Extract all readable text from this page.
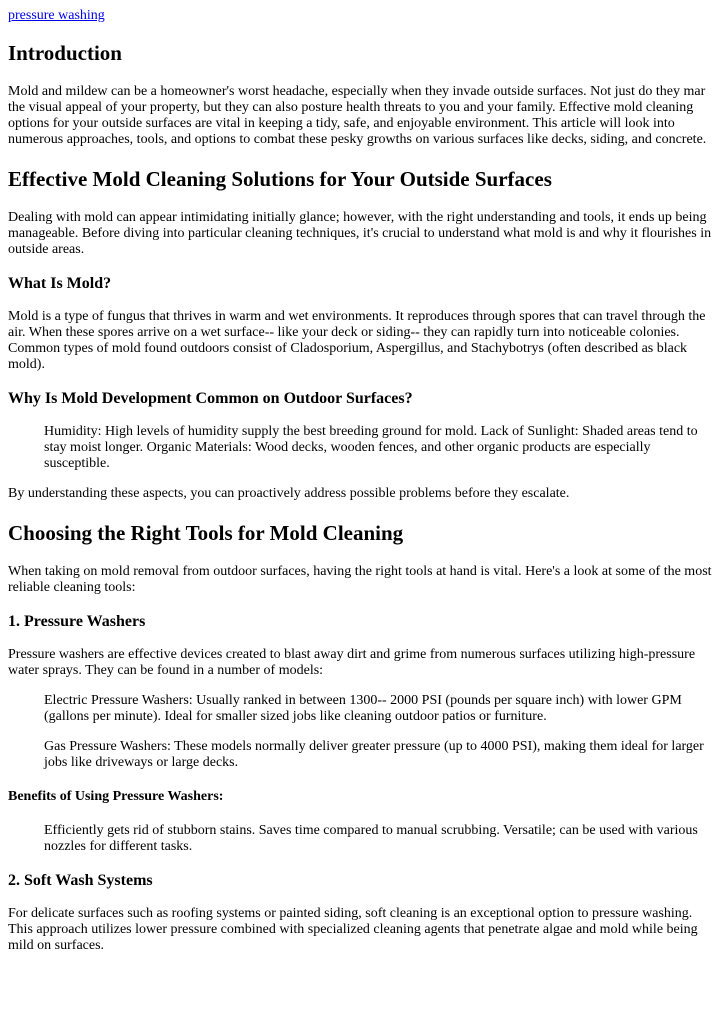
pressure washing
Introduction

Mold and mildew can be a homeowner's worst headache, especially when they invade outside surfaces. Not just do they mar the visual appeal of your property, but they can also posture health threats to you and your family. Effective mold cleaning options for your outside surfaces are vital in keeping a tidy, safe, and enjoyable environment. This article will look into numerous approaches, tools, and options to combat these pesky growths on various surfaces like decks, siding, and concrete.

Effective Mold Cleaning Solutions for Your Outside Surfaces

Dealing with mold can appear intimidating initially glance; however, with the right understanding and tools, it ends up being manageable. Before diving into particular cleaning techniques, it's crucial to understand what mold is and why it flourishes in outside areas.

What Is Mold?

Mold is a type of fungus that thrives in warm and wet environments. It reproduces through spores that can travel through the air. When these spores arrive on a wet surface-- like your deck or siding-- they can rapidly turn into noticeable colonies. Common types of mold found outdoors consist of Cladosporium, Aspergillus, and Stachybotrys (often described as black mold).

Why Is Mold Development Common on Outdoor Surfaces?

Humidity: High levels of humidity supply the best breeding ground for mold. Lack of Sunlight: Shaded areas tend to stay moist longer. Organic Materials: Wood decks, wooden fences, and other organic products are especially susceptible.

By understanding these aspects, you can proactively address possible problems before they escalate.

Choosing the Right Tools for Mold Cleaning

When taking on mold removal from outdoor surfaces, having the right tools at hand is vital. Here's a look at some of the most reliable cleaning tools:

1. Pressure Washers

Pressure washers are effective devices created to blast away dirt and grime from numerous surfaces utilizing high-pressure water sprays. They can be found in a number of models:

Electric Pressure Washers: Usually ranked in between 1300-- 2000 PSI (pounds per square inch) with lower GPM (gallons per minute). Ideal for smaller sized jobs like cleaning outdoor patios or furniture.

Gas Pressure Washers: These models normally deliver greater pressure (up to 4000 PSI), making them ideal for larger jobs like driveways or large decks.

Benefits of Using Pressure Washers:

Efficiently gets rid of stubborn stains. Saves time compared to manual scrubbing. Versatile; can be used with various nozzles for different tasks.

2. Soft Wash Systems

For delicate surfaces such as roofing systems or painted siding, soft cleaning is an exceptional option to pressure washing. This approach utilizes lower pressure combined with specialized cleaning agents that penetrate algae and mold while being mild on surfaces.
